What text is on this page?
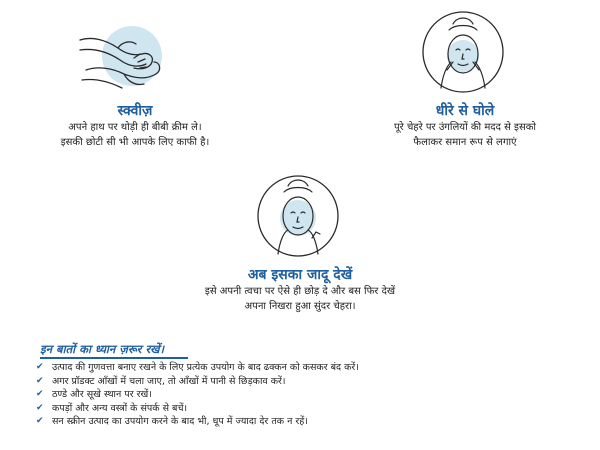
स्क्वीज़
अपने हाथ पर थोड़ी ही बीबी क्रीम ले।
इसकी छोटी सी भी आपके लिए काफी है।
धीरे से घोले
पूरे चेहरे पर उंगलियों की मदद से इसको
फैलाकर समान रूप से लगाएं
अब इसका जादू देखें
इसे अपनी त्वचा पर ऐसे ही छोड़ दे और बस फिर देखें
अपना निखरा हुआ सुंदर चेहरा।
इन बातों का ध्यान ज़रूर रखें।
✔ उत्पाद की गुणवत्ता बनाए रखने के लिए प्रत्येक उपयोग के बाद ढक्कन को कसकर बंद करें।
✔ अगर प्रॉडक्ट आँखों में चला जाए, तो आँखों में पानी से छिड़काव करें।
✔ ठण्डे और सूखे स्थान पर रखें।
✔ कपड़ों और अन्य वस्त्रों के संपर्क से बचें।
✔ सन स्क्रीन उत्पाद का उपयोग करने के बाद भी, धूप में ज्यादा देर तक न रहें।
